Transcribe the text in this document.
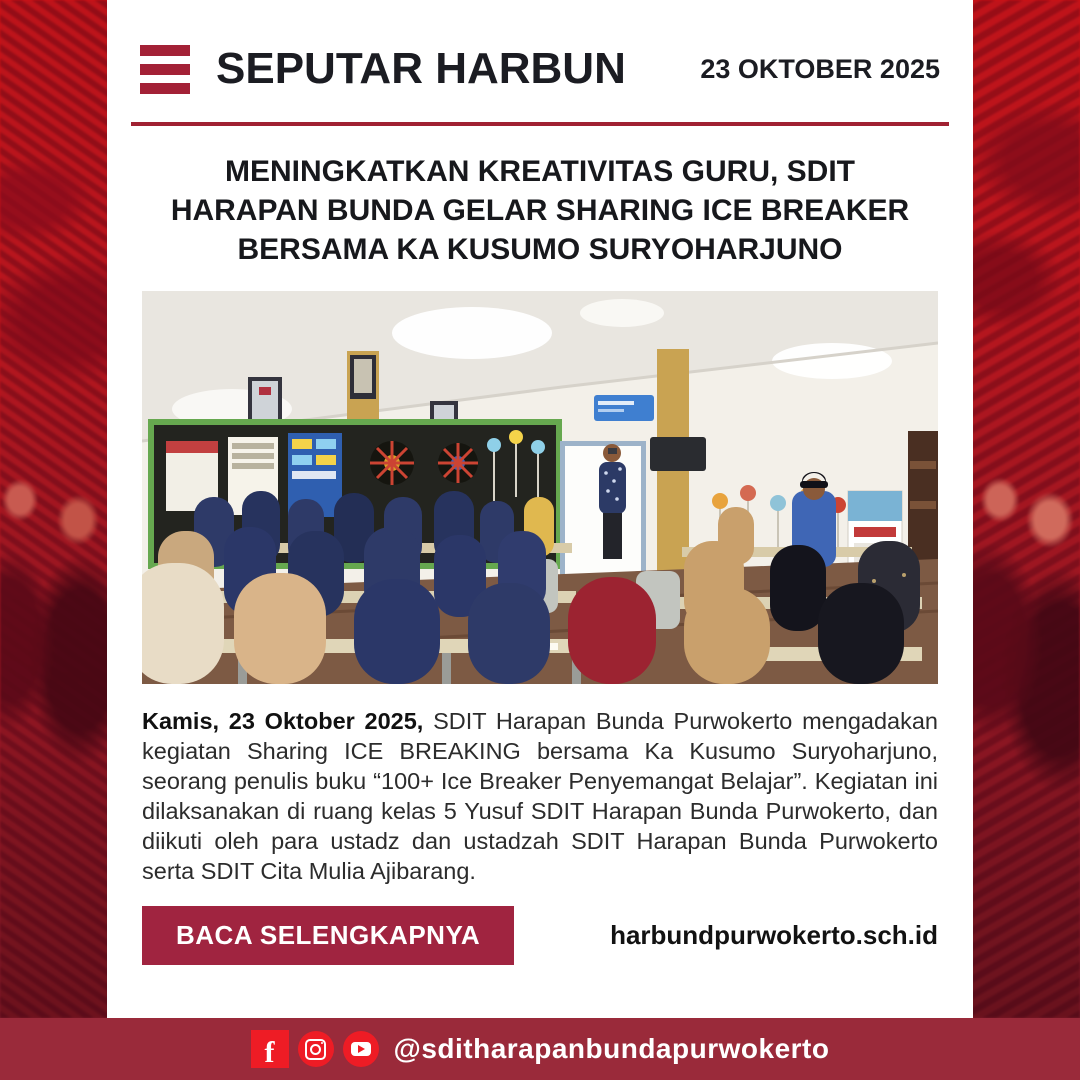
SEPUTAR HARBUN	23 OKTOBER 2025
MENINGKATKAN KREATIVITAS GURU, SDIT
HARAPAN BUNDA GELAR SHARING ICE BREAKER
BERSAMA KA KUSUMO SURYOHARJUNO
Kamis, 23 Oktober 2025, SDIT Harapan Bunda Purwokerto mengadakan kegiatan Sharing ICE BREAKING bersama Ka Kusumo Suryoharjuno, seorang penulis buku “100+ Ice Breaker Penyemangat Belajar”. Kegiatan ini dilaksanakan di ruang kelas 5 Yusuf SDIT Harapan Bunda Purwokerto, dan diikuti oleh para ustadz dan ustadzah SDIT Harapan Bunda Purwokerto serta SDIT Cita Mulia Ajibarang.
BACA SELENGKAPNYA	harbundpurwokerto.sch.id
f	@sditharapanbundapurwokerto
